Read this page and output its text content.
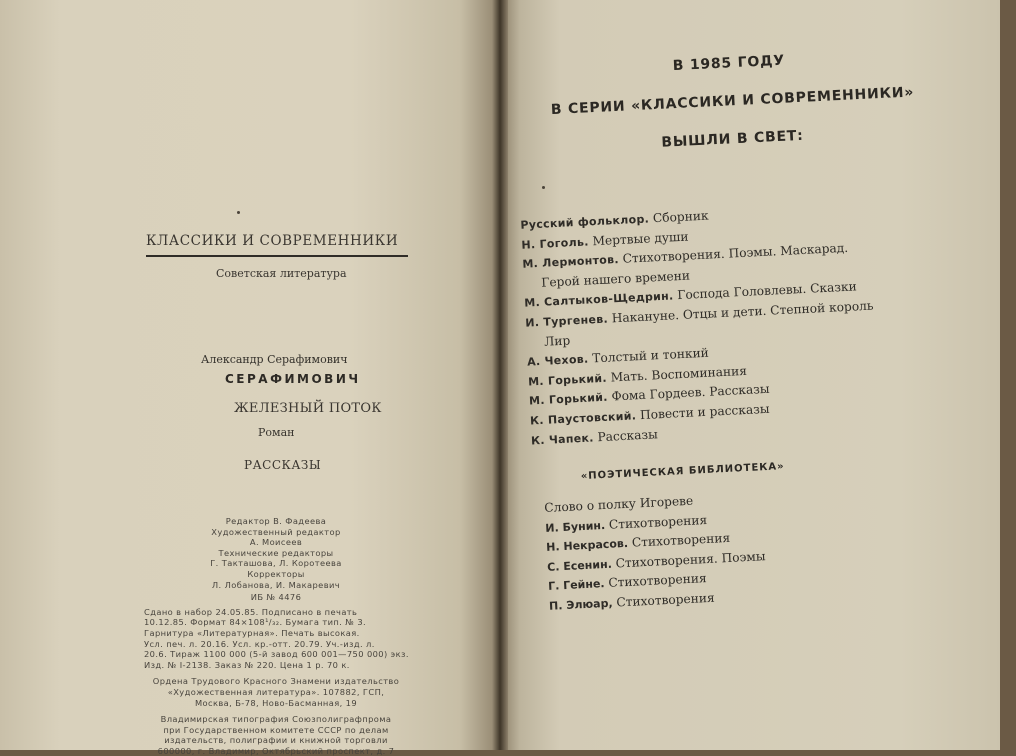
КЛАССИКИ И СОВРЕМЕННИКИ
Советская литература
Александр Серафимович
СЕРАФИМОВИЧ
ЖЕЛЕЗНЫЙ ПОТОК
Роман
РАССКАЗЫ
Редактор В. Фадеева
Художественный редактор
А. Моисеев
Технические редакторы
Г. Такташова, Л. Коротеева
Корректоры
Л. Лобанова, И. Макаревич
ИБ № 4476
Сдано в набор 24.05.85. Подписано в печать
10.12.85. Формат 84×108¹/₃₂. Бумага тип. № 3.
Гарнитура «Литературная». Печать высокая.
Усл. печ. л. 20.16. Усл. кр.-отт. 20.79. Уч.-изд. л.
20.6. Тираж 1100 000 (5-й завод 600 001—750 000) экз.
Изд. № I-2138. Заказ № 220. Цена 1 р. 70 к.
Ордена Трудового Красного Знамени издательство
«Художественная литература». 107882, ГСП,
Москва, Б-78, Ново-Басманная, 19
Владимирская типография Союзполиграфпрома
при Государственном комитете СССР по делам
издательств, полиграфии и книжной торговли
600000, г. Владимир, Октябрьский проспект, д. 7
В 1985 ГОДУ
В СЕРИИ «КЛАССИКИ И СОВРЕМЕННИКИ»
ВЫШЛИ В СВЕТ:
Русский фольклор. Сборник
Н. Гоголь. Мертвые души
М. Лермонтов. Стихотворения. Поэмы. Маскарад.
Герой нашего времени
М. Салтыков-Щедрин. Господа Головлевы. Сказки
И. Тургенев. Накануне. Отцы и дети. Степной король
Лир
А. Чехов. Толстый и тонкий
М. Горький. Мать. Воспоминания
М. Горький. Фома Гордеев. Рассказы
К. Паустовский. Повести и рассказы
К. Чапек. Рассказы
«ПОЭТИЧЕСКАЯ БИБЛИОТЕКА»
Слово о полку Игореве
И. Бунин. Стихотворения
Н. Некрасов. Стихотворения
С. Есенин. Стихотворения. Поэмы
Г. Гейне. Стихотворения
П. Элюар, Стихотворения
